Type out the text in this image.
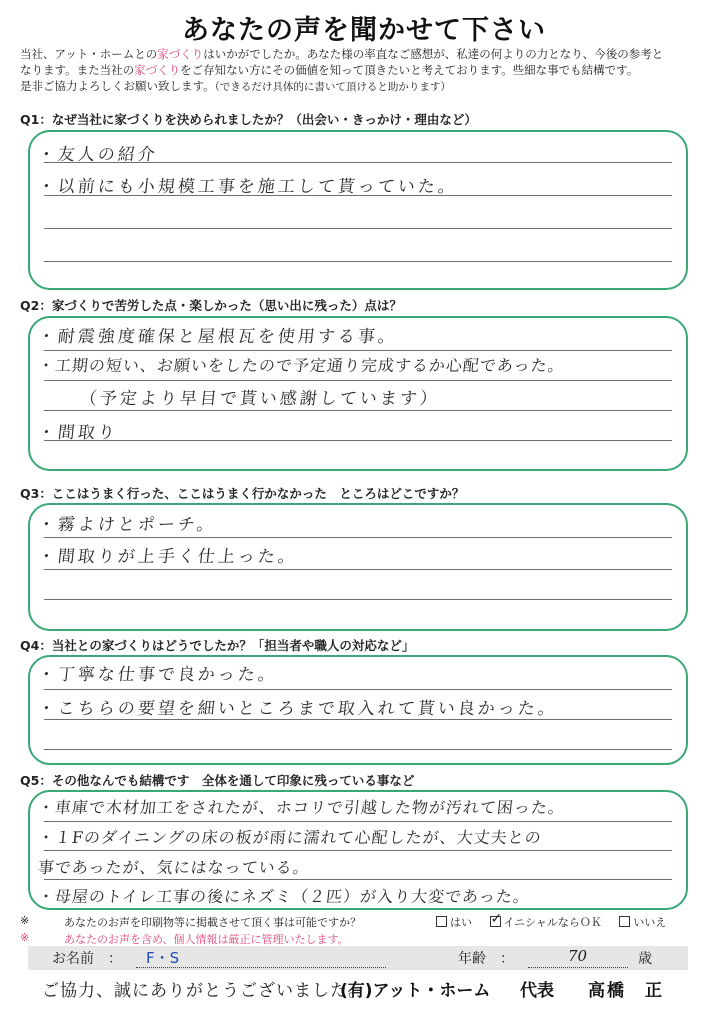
あなたの声を聞かせて下さい
当社、アット・ホームとの家づくりはいかがでしたか。あなた様の率直なご感想が、私達の何よりの力となり、今後の参考と
なります。また当社の家づくりをご存知ない方にその価値を知って頂きたいと考えております。些細な事でも結構です。
是非ご協力よろしくお願い致します。（できるだけ具体的に書いて頂けると助かります）
Q1：なぜ当社に家づくりを決められましたか？（出会い・きっかけ・理由など）
・友人の紹介
・以前にも小規模工事を施工して貰っていた。
Q2：家づくりで苦労した点・楽しかった（思い出に残った）点は？
・耐震強度確保と屋根瓦を使用する事。
・工期の短い、お願いをしたので予定通り完成するか心配であった。
（予定より早目で貰い感謝しています）
・間取り
Q3：ここはうまく行った、ここはうまく行かなかった　ところはどこですか？
・霧よけとポーチ。
・間取りが上手く仕上った。
Q4：当社との家づくりはどうでしたか？「担当者や職人の対応など」
・丁寧な仕事で良かった。
・こちらの要望を細いところまで取入れて貰い良かった。
Q5：その他なんでも結構です　全体を通して印象に残っている事など
・車庫で木材加工をされたが、ホコリで引越した物が汚れて困った。
・１Fのダイニングの床の板が雨に濡れて心配したが、大丈夫との
事であったが、気にはなっている。
・母屋のトイレ工事の後にネズミ（２匹）が入り大変であった。
※	あなたのお声を印刷物等に掲載させて頂く事は可能ですか？	はい ✓	イニシャルならＯＫ	いいえ
※	あなたのお声を含め、個人情報は厳正に管理いたします。
お名前　： F・S	年齢　：	70	歳
ご協力、誠にありがとうございました。
(有)アット・ホーム 代表 高橋　正
